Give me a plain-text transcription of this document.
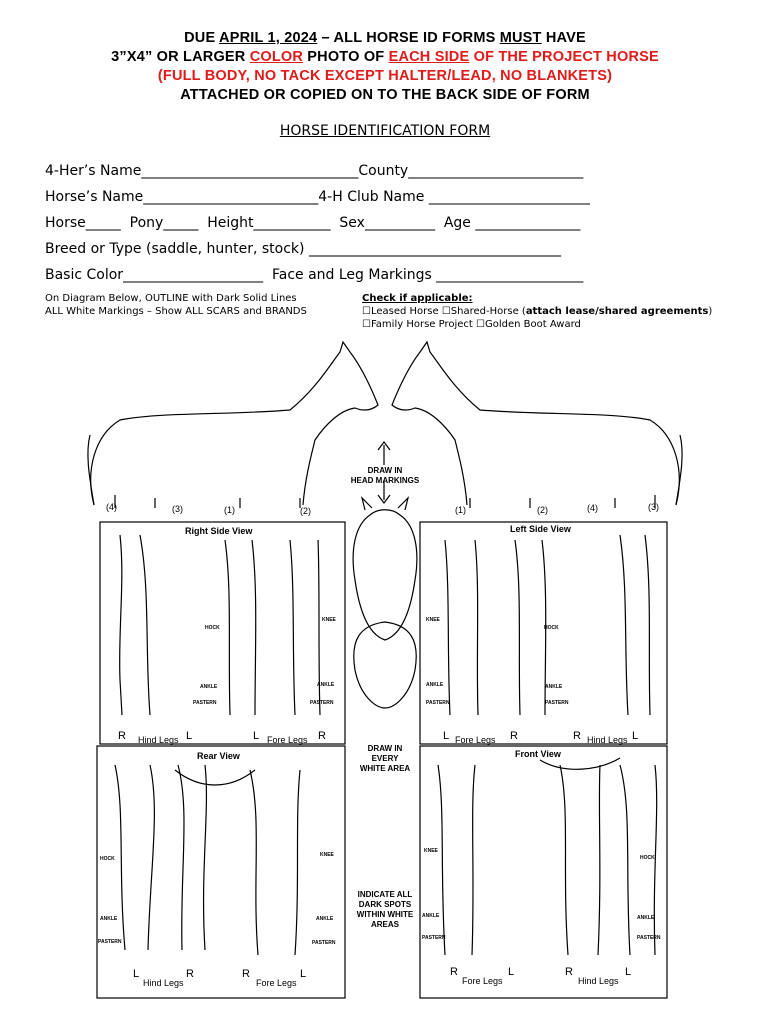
DUE APRIL 1, 2024 – ALL HORSE ID FORMS MUST HAVE
3”X4” OR LARGER COLOR PHOTO OF EACH SIDE OF THE PROJECT HORSE
(FULL BODY, NO TACK EXCEPT HALTER/LEAD, NO BLANKETS)
ATTACHED OR COPIED ON TO THE BACK SIDE OF FORM
HORSE IDENTIFICATION FORM
4-Her’s Name_______________________________County_________________________
Horse’s Name_________________________4-H Club Name _______________________
Horse_____  Pony_____  Height___________  Sex__________  Age _______________
Breed or Type (saddle, hunter, stock) ____________________________________
Basic Color____________________  Face and Leg Markings _____________________
On Diagram Below, OUTLINE with Dark Solid Lines
ALL White Markings – Show ALL SCARS and BRANDS
Check if applicable:
☐Leased Horse ☐Shared-Horse (attach lease/shared agreements)
☐Family Horse Project ☐Golden Boot Award
DRAW IN
HEAD MARKINGS
DRAW IN
EVERY
WHITE AREA
INDICATE ALL
DARK SPOTS
WITHIN WHITE
AREAS
Right Side View	Left Side View
Rear View	Front View
(4)	(3)	(1)	(2)	(1)	(2)	(4)	(3)
HOCK
KNEE
ANKLE	ANKLE
PASTERN	PASTERN
KNEE
HOCK
ANKLE	ANKLE
PASTERN	PASTERN
HOCK
KNEE
ANKLE	ANKLE
PASTERN	PASTERN
KNEE
HOCK
ANKLE	ANKLE
PASTERN	PASTERN
R Hind Legs L	L Fore Legs R	L Fore Legs R	R Hind Legs L
L
Hind Legs
R	R
Fore Legs
L	R
Fore Legs
L	R
Hind Legs
L
